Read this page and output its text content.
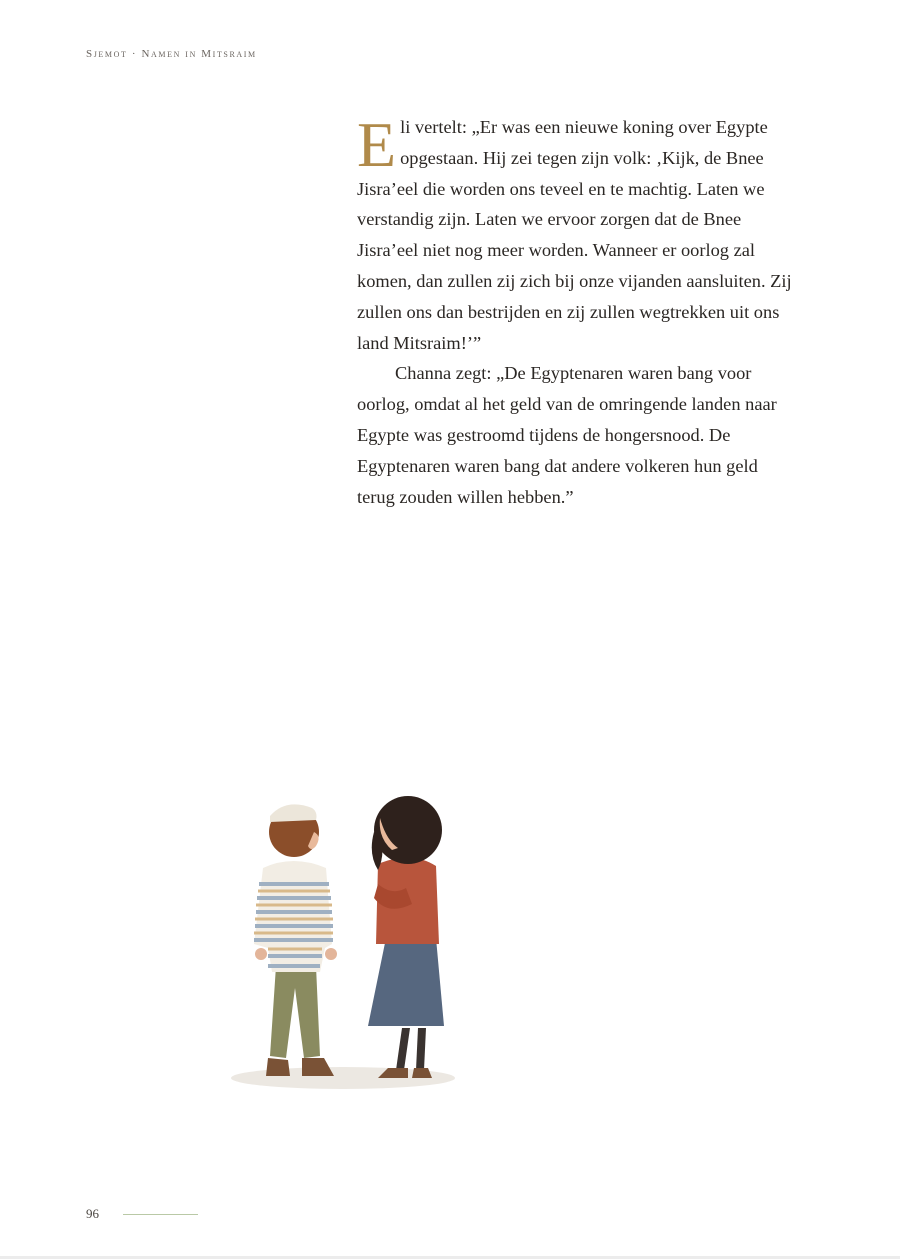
Sjemot · Namen in Mitsraim

Eli vertelt: „Er was een nieuwe koning over Egypte opgestaan. Hij zei tegen zijn volk: ‚Kijk, de Bnee Jisra’eel die worden ons teveel en te machtig. Laten we verstandig zijn. Laten we ervoor zorgen dat de Bnee Jisra’eel niet nog meer worden. Wanneer er oorlog zal komen, dan zullen zij zich bij onze vijanden aansluiten. Zij zullen ons dan bestrijden en zij zullen wegtrekken uit ons land Mitsraim!’”

Channa zegt: „De Egyptenaren waren bang voor oorlog, omdat al het geld van de omringende landen naar Egypte was gestroomd tijdens de hongersnood. De Egyptenaren waren bang dat andere volkeren hun geld terug zouden willen hebben.”

96
